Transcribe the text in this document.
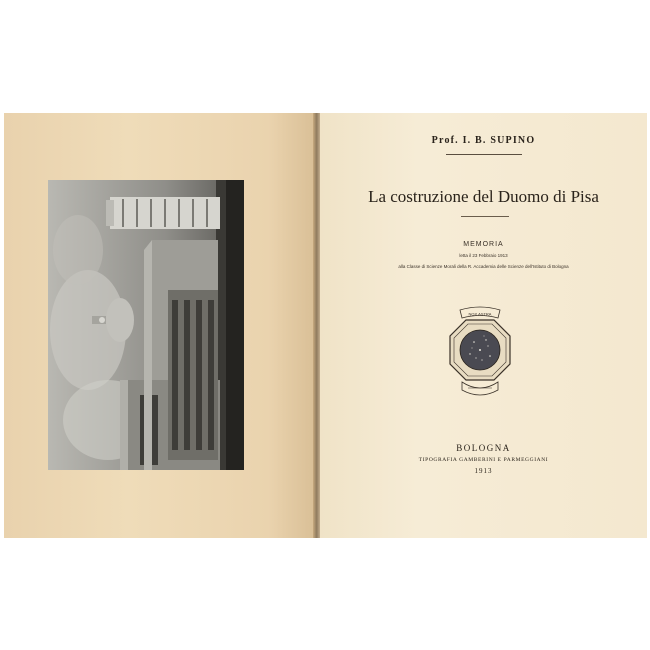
Prof. I. B. SUPINO
La costruzione del Duomo di Pisa
MEMORIA
letta il 23 Febbraio 1913
alla Classe di Scienze Morali della R. Accademia delle Scienze dell'Istituto di Bologna
NOX ASTRA
BOLOGNA
TIPOGRAFIA GAMBERINI E PARMEGGIANI
1913
